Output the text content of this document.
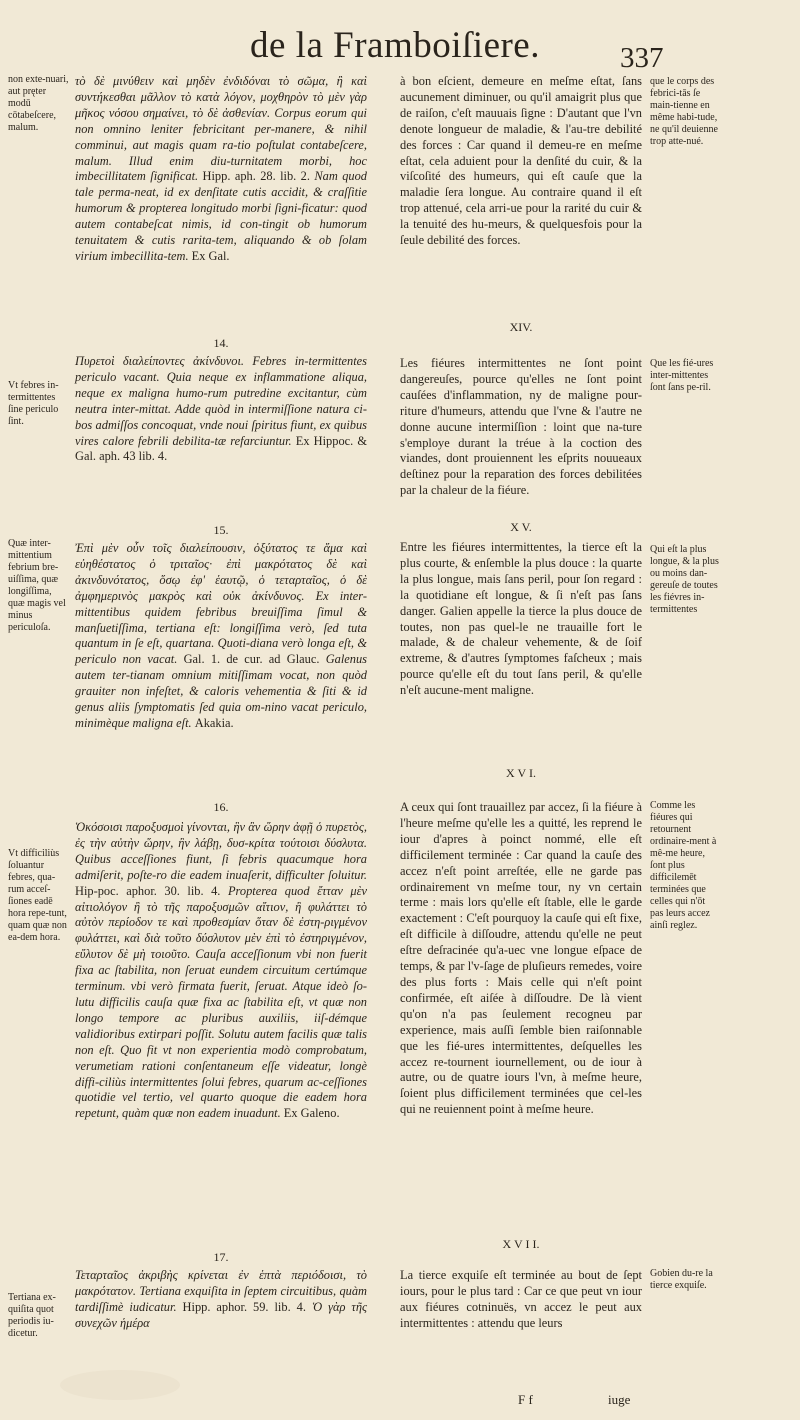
de la Framboiſiere.	337
non exte-nuari, aut pręter modū cōtabeſcere, malum.
Vt febres in-termittentes ſine periculo ſint.
Quæ inter-mittentium febrium bre-uiſſima, quæ longiſſima, quæ magis vel minus periculoſa.
Vt difficiliùs ſoluantur febres, qua-rum acceſ-ſiones eadē hora repe-tunt, quam quæ non ea-dem hora.
Tertiana ex-quiſita quot periodis iu-dicetur.
τὸ δὲ μινύθειν καὶ μηδὲν ἐνδιδόναι τὸ σῶμα, ἢ καὶ συντήκεσθαι μᾶλλον τὸ κατὰ λόγον, μοχθηρὸν τὸ μὲν γὰρ μῆκος νόσου σημαίνει, τὸ δὲ ἀσθενίαν. Corpus eorum qui non omnino leniter febricitant per-manere, & nihil comminui, aut magis quam ra-tio poſtulat contabeſcere, malum. Illud enim diu-turnitatem morbi, hoc imbecillitatem ſignificat. Hipp. aph. 28. lib. 2. Nam quod tale perma-neat, id ex denſitate cutis accidit, & craſſitie humorum & propterea longitudo morbi ſigni-ficatur: quod autem contabeſcat nimis, id con-tingit ob humorum tenuitatem & cutis rarita-tem, aliquando & ob ſolam virium imbecillita-tem. Ex Gal.
14.
Πυρετοὶ διαλείποντες ἀκίνδυνοι. Febres in-termittentes periculo vacant. Quia neque ex inflammatione aliqua, neque ex maligna humo-rum putredine excitantur, cùm neutra inter-mittat. Adde quòd in intermiſſione natura ci-bos admiſſos concoquat, vnde noui ſpiritus fiunt, ex quibus vires calore febrili debilita-tæ refarciuntur. Ex Hippoc. & Gal. aph. 43 lib. 4.
15.
Ἐπὶ μὲν οὖν τοῖς διαλείπουσιν, ὀξύτατος τε ἅμα καὶ εὐηθέστατος ὁ τριταῖος· ἐπὶ μακρότατος δὲ καὶ ἀκινδυνότατος, ὅσῳ ἐφ' ἑαυτῷ, ὁ τεταρταῖος, ὁ δὲ ἀμφημερινὸς μακρὸς καὶ οὐκ ἀκίνδυνος. Ex inter-mittentibus quidem febribus breuiſſima ſimul & manſuetiſſima, tertiana eſt: longiſſima verò, ſed tuta quantum in ſe eſt, quartana. Quoti-diana verò longa eſt, & periculo non vacat. Gal. 1. de cur. ad Glauc. Galenus autem ter-tianam omnium mitiſſimam vocat, non quòd grauiter non infeſtet, & caloris vehementia & ſiti & id genus aliis ſymptomatis ſed quia om-nino vacat periculo, minimèque maligna eſt. Akakia.
16.
Ὁκόσοισι παροξυσμοὶ γίνονται, ἣν ἂν ὥρην ἀφῇ ὁ πυρετὸς, ἐς τὴν αὐτὴν ὥρην, ἢν λάβῃ, δυσ-κρίτα τούτοισι δύσλυτα. Quibus acceſſiones fiunt, ſi febris quacumque hora admiſerit, poſte-ro die eadem inuaſerit, difficulter ſoluitur. Hip-poc. aphor. 30. lib. 4. Propterea quod ἔτταν μὲν αἰτιολόγον ἢ τὸ τῆς παροξυσμῶν αἴτιον, ἢ φυλάττει τὸ αὐτὸν περίοδον τε καὶ προθεσμίαν ὅταν δὲ ἐστη-ριγμένον φυλάττει, καὶ διὰ τοῦτο δύσλυτον μὲν ἐπὶ τὸ ἐστηριγμένον, εὔλυτον δὲ μὴ τοιοῦτο. Cauſa acceſſionum vbi non fuerit fixa ac ſtabilita, non ſeruat eundem circuitum certúmque terminum. vbi verò firmata fuerit, ſeruat. Atque ideò ſo-lutu difficilis cauſa quæ fixa ac ſtabilita eſt, vt quæ non longo tempore ac pluribus auxiliis, iiſ-démque validioribus extirpari poſſit. Solutu autem facilis quæ talis non eſt. Quo fit vt non experientia modò comprobatum, verumetiam rationi conſentaneum eſſe videatur, longè diffi-ciliùs intermittentes ſolui febres, quarum ac-ceſſiones quotidie vel tertio, vel quarto quoque die eadem hora repetunt, quàm quæ non eadem inuadunt. Ex Galeno.
17.
Τεταρταῖος ἀκριβὴς κρίνεται ἐν ἑπτὰ περιόδοισι, τὸ μακρότατον. Tertiana exquiſita in ſeptem circuitibus, quàm tardiſſimè iudicatur. Hipp. aphor. 59. lib. 4. Ὁ γὰρ τῆς συνεχῶν ἡμέρα
à bon eſcient, demeure en meſme eſtat, ſans aucunement diminuer, ou qu'il amaigrit plus que de raiſon, c'eſt mauuais ſigne : D'autant que l'vn denote longueur de maladie, & l'au-tre debilité des forces : Car quand il demeu-re en meſme eſtat, cela aduient pour la denſité du cuir, & la viſcoſité des humeurs, qui eſt cauſe que la maladie ſera longue. Au contraire quand il eſt trop attenué, cela arri-ue pour la rarité du cuir & la tenuité des hu-meurs, & quelquesfois pour la ſeule debilité des forces.
XIV.
Les fiéures intermittentes ne ſont point dangereuſes, pource qu'elles ne ſont point cauſées d'inflammation, ny de maligne pour-riture d'humeurs, attendu que l'vne & l'autre ne donne aucune intermiſſion : loint que na-ture s'employe durant la tréue à la coction des viandes, dont prouiennent les eſprits nouueaux deſtinez pour la reparation des forces debilitées par la chaleur de la fiéure.
X V.
Entre les fiéures intermittentes, la tierce eſt la plus courte, & enſemble la plus douce : la quarte la plus longue, mais ſans peril, pour ſon regard : la quotidiane eſt longue, & ſi n'eſt pas ſans danger. Galien appelle la tierce la plus douce de toutes, non pas quel-le ne trauaille fort le malade, & de chaleur vehemente, & de ſoif extreme, & d'autres ſymptomes faſcheux ; mais pource qu'elle eſt du tout ſans peril, & qu'elle n'eſt aucune-ment maligne.
X V I.
A ceux qui ſont trauaillez par accez, ſi la fiéure à l'heure meſme qu'elle les a quitté, les reprend le iour d'apres à poinct nommé, elle eſt difficilement terminée : Car quand la cauſe des accez n'eſt point arreſtée, elle ne garde pas ordinairement vn meſme tour, ny vn certain terme : mais lors qu'elle eſt ſtable, elle le garde exactement : C'eſt pourquoy la cauſe qui eſt fixe, eſt difficile à diſſoudre, attendu qu'elle ne peut eſtre deſracinée qu'a-uec vne longue eſpace de temps, & par l'v-ſage de pluſieurs remedes, voire des plus forts : Mais celle qui n'eſt point confirmée, eſt aiſée à diſſoudre. De là vient qu'on n'a pas ſeulement recogneu par experience, mais auſſi ſemble bien raiſonnable que les fié-ures intermittentes, deſquelles les accez re-tournent iournellement, ou de iour à autre, ou de quatre iours l'vn, à meſme heure, ſoient plus difficilement terminées que cel-les qui ne reuiennent point à meſme heure.
X V I I.
La tierce exquiſe eſt terminée au bout de ſept iours, pour le plus tard : Car ce que peut vn iour aux fiéures cotninuës, vn accez le peut aux intermittentes : attendu que leurs
que le corps des febrici-tās ſe main-tienne en même habi-tude, ne qu'il deuienne trop atte-nué.
Que les fié-ures inter-mittentes ſont ſans pe-ril.
Qui eſt la plus longue, & la plus ou moins dan-gereuſe de toutes les fiévres in-termittentes
Comme les fiéures qui retournent ordinaire-ment à mê-me heure, ſont plus difficilemēt terminées que celles qui n'ōt pas leurs accez ainſi reglez.
Gobien du-re la tierce exquiſe.
F f	iuge
